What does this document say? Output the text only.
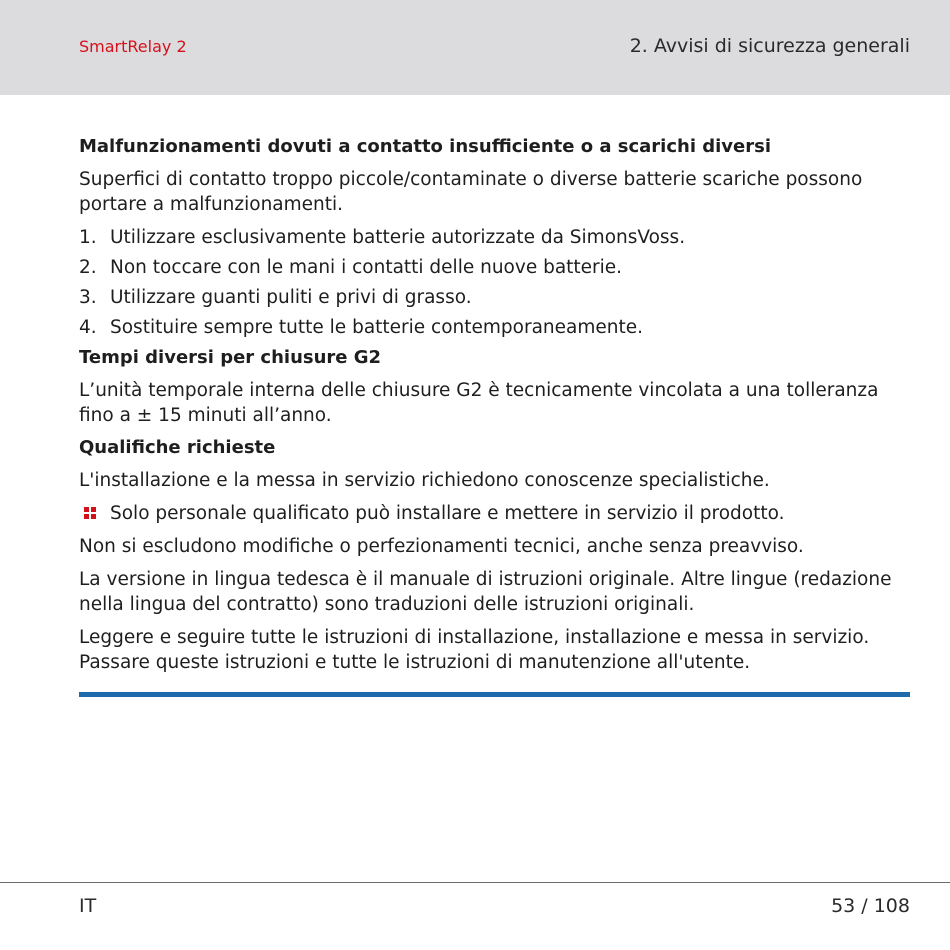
SmartRelay 2	2. Avvisi di sicurezza generali
Malfunzionamenti dovuti a contatto insufficiente o a scarichi diversi

Superfici di contatto troppo piccole/contaminate o diverse batterie scariche possono portare a malfunzionamenti.

1. Utilizzare esclusivamente batterie autorizzate da SimonsVoss.
2. Non toccare con le mani i contatti delle nuove batterie.
3. Utilizzare guanti puliti e privi di grasso.
4. Sostituire sempre tutte le batterie contemporaneamente.
Tempi diversi per chiusure G2

L’unità temporale interna delle chiusure G2 è tecnicamente vincolata a una tolleranza fino a ± 15 minuti all’anno.

Qualifiche richieste

L'installazione e la messa in servizio richiedono conoscenze specialistiche.

Solo personale qualificato può installare e mettere in servizio il prodotto.

Non si escludono modifiche o perfezionamenti tecnici, anche senza preavviso.

La versione in lingua tedesca è il manuale di istruzioni originale. Altre lingue (redazione nella lingua del contratto) sono traduzioni delle istruzioni originali.

Leggere e seguire tutte le istruzioni di installazione, installazione e messa in servizio. Passare queste istruzioni e tutte le istruzioni di manutenzione all'utente.

IT	53 / 108
